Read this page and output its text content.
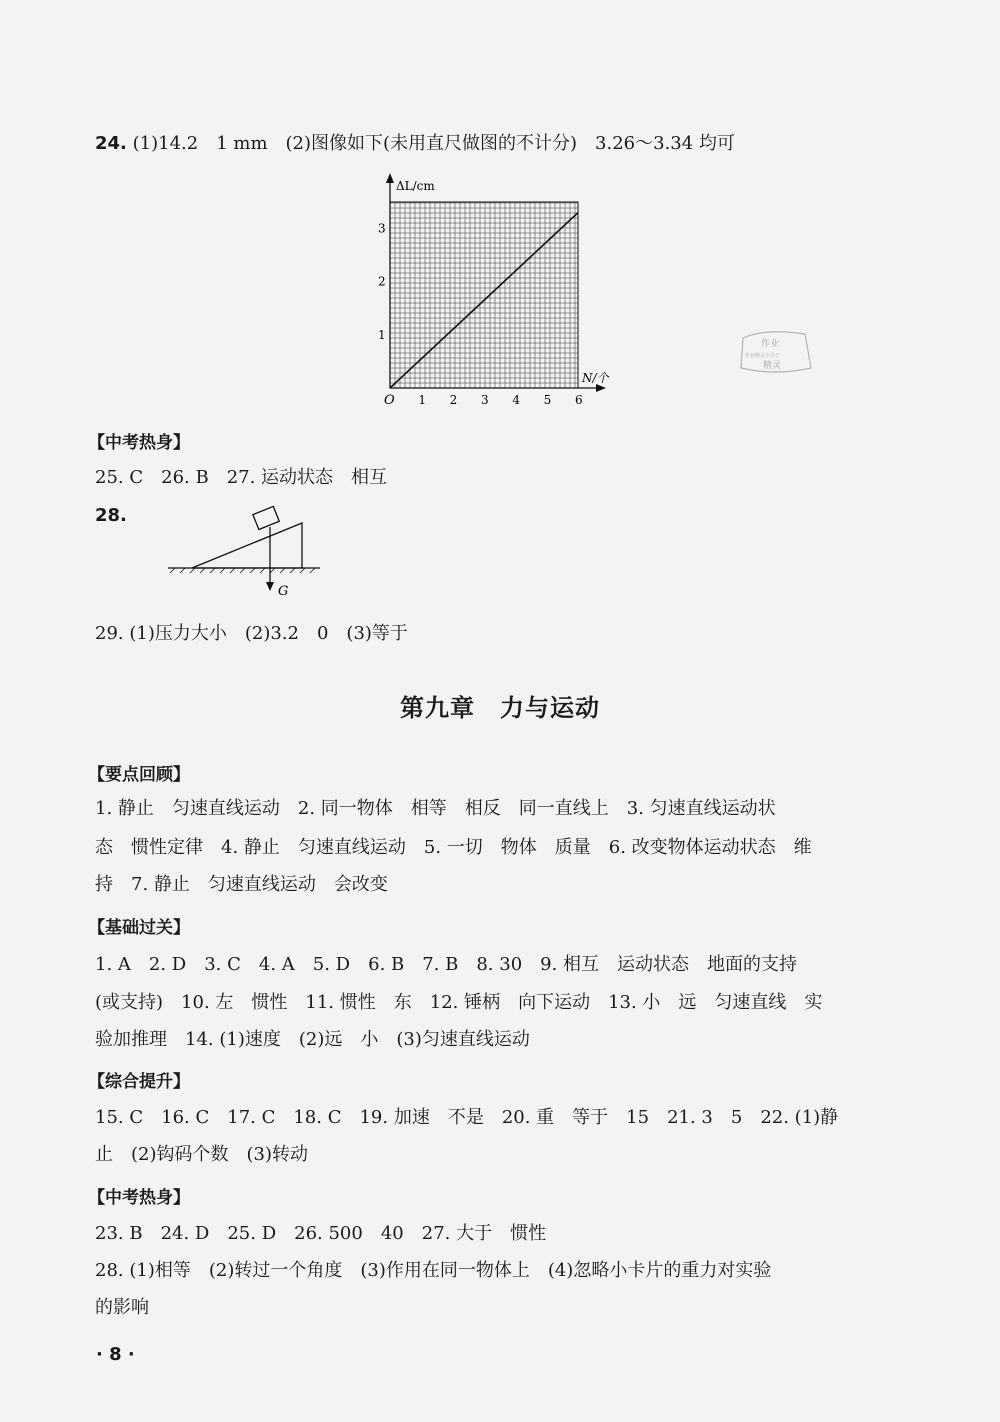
24. (1)14.2　1 mm　(2)图像如下(未用直尺做图的不计分)　3.26～3.34 均可
ΔL/cm
N/个
O 1 2 3 4 5 6
1
2
3
作业
作业精灵专注于
精灵
【中考热身】
25. C　26. B　27. 运动状态　相互
28.
G
29. (1)压力大小　(2)3.2　0　(3)等于
第九章　力与运动
【要点回顾】
1. 静止　匀速直线运动　2. 同一物体　相等　相反　同一直线上　3. 匀速直线运动状
态　惯性定律　4. 静止　匀速直线运动　5. 一切　物体　质量　6. 改变物体运动状态　维
持　7. 静止　匀速直线运动　会改变
【基础过关】
1. A　2. D　3. C　4. A　5. D　6. B　7. B　8. 30　9. 相互　运动状态　地面的支持
(或支持)　10. 左　惯性　11. 惯性　东　12. 锤柄　向下运动　13. 小　远　匀速直线　实
验加推理　14. (1)速度　(2)远　小　(3)匀速直线运动
【综合提升】
15. C　16. C　17. C　18. C　19. 加速　不是　20. 重　等于　15　21. 3　5　22. (1)静
止　(2)钩码个数　(3)转动
【中考热身】
23. B　24. D　25. D　26. 500　40　27. 大于　惯性
28. (1)相等　(2)转过一个角度　(3)作用在同一物体上　(4)忽略小卡片的重力对实验
的影响
· 8 ·
